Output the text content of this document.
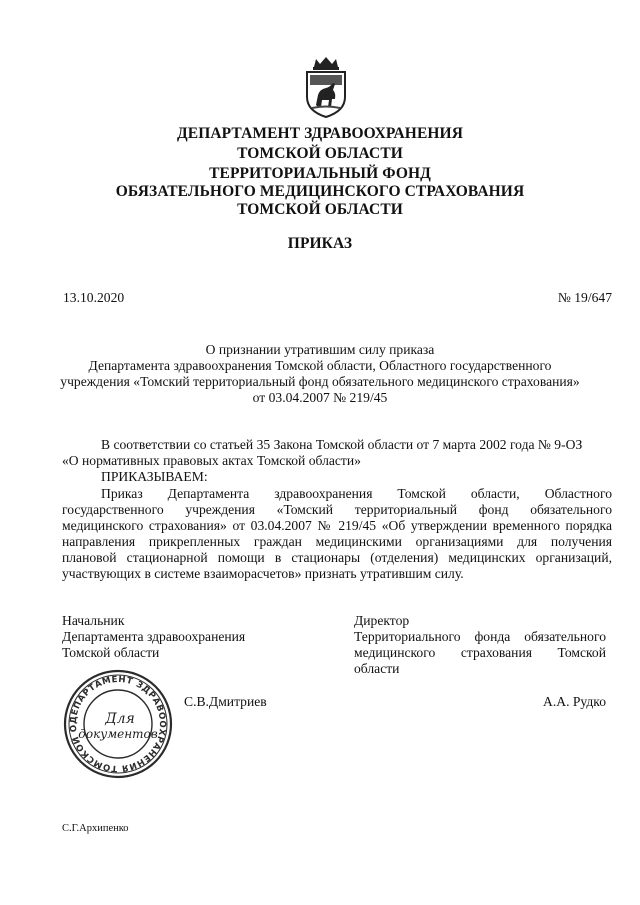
ДЕПАРТАМЕНТ ЗДРАВООХРАНЕНИЯ
ТОМСКОЙ ОБЛАСТИ
ТЕРРИТОРИАЛЬНЫЙ ФОНД
ОБЯЗАТЕЛЬНОГО МЕДИЦИНСКОГО СТРАХОВАНИЯ
ТОМСКОЙ ОБЛАСТИ
ПРИКАЗ
13.10.2020	№ 19/647
О признании утратившим силу приказа
Департамента здравоохранения Томской области, Областного государственного
учреждения «Томский территориальный фонд обязательного медицинского страхования»
от 03.04.2007 № 219/45
В соответствии со статьей 35 Закона Томской области от 7 марта 2002 года № 9-ОЗ
«О нормативных правовых актах Томской области»
ПРИКАЗЫВАЕМ:
Приказ Департамента здравоохранения Томской области, Областного
государственного учреждения «Томский территориальный фонд обязательного
медицинского страхования» от 03.04.2007 № 219/45 «Об утверждении временного порядка
направления прикрепленных граждан медицинскими организациями для получения
плановой стационарной помощи в стационары (отделения) медицинских организаций,
участвующих в системе взаиморасчетов» признать утратившим силу.
Начальник
Департамента здравоохранения
Томской области
Директор
Территориального фонда обязательного
медицинского страхования Томской
области
ДЕПАРТАМЕНТ ЗДРАВООХРАНЕНИЯ ТОМСКОЙ О
Для
документов
С.В.Дмитриев	А.А. Рудко
С.Г.Архипенко
